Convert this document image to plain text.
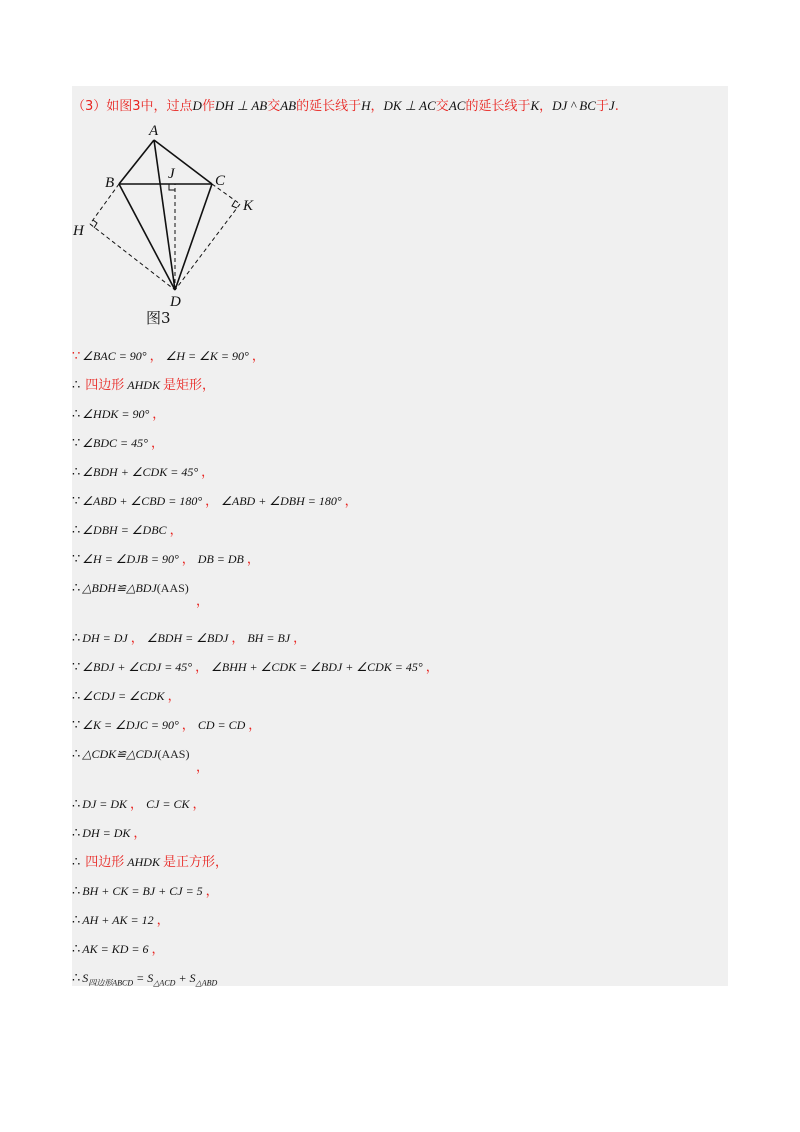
（3）如图3中，过点D作DH ⊥ AB交AB的延长线于H，DK ⊥ AC交AC的延长线于K，DJ ^ BC于J.
A
B	C
J
K
H
D
图3
∵ ∠BAC = 90° ， ∠H = ∠K = 90° ，
∴ 四边形 AHDK 是矩形，
∴ ∠HDK = 90° ，
∵ ∠BDC = 45° ，
∴ ∠BDH + ∠CDK = 45° ，
∵ ∠ABD + ∠CBD = 180° ， ∠ABD + ∠DBH = 180° ，
∴ ∠DBH = ∠DBC ，
∵ ∠H = ∠DJB = 90° ， DB = DB ，
∴ △BDH≌△BDJ(AAS)
∴ DH = DJ ， ∠BDH = ∠BDJ ， BH = BJ ，
∵ ∠BDJ + ∠CDJ = 45° ， ∠BHH + ∠CDK = ∠BDJ + ∠CDK = 45° ，
∴ ∠CDJ = ∠CDK ，
∵ ∠K = ∠DJC = 90° ， CD = CD ，
∴ △CDK≌△CDJ(AAS)
∴ DJ = DK ， CJ = CK ，
∴ DH = DK ，
∴ 四边形 AHDK 是正方形，
∴ BH + CK = BJ + CJ = 5 ，
∴ AH + AK = 12 ，
∴ AK = KD = 6 ，
∴ $S_{四边形ABCD} = S_{\triangle ACD} + S_{\triangle ABD}$
，
，
